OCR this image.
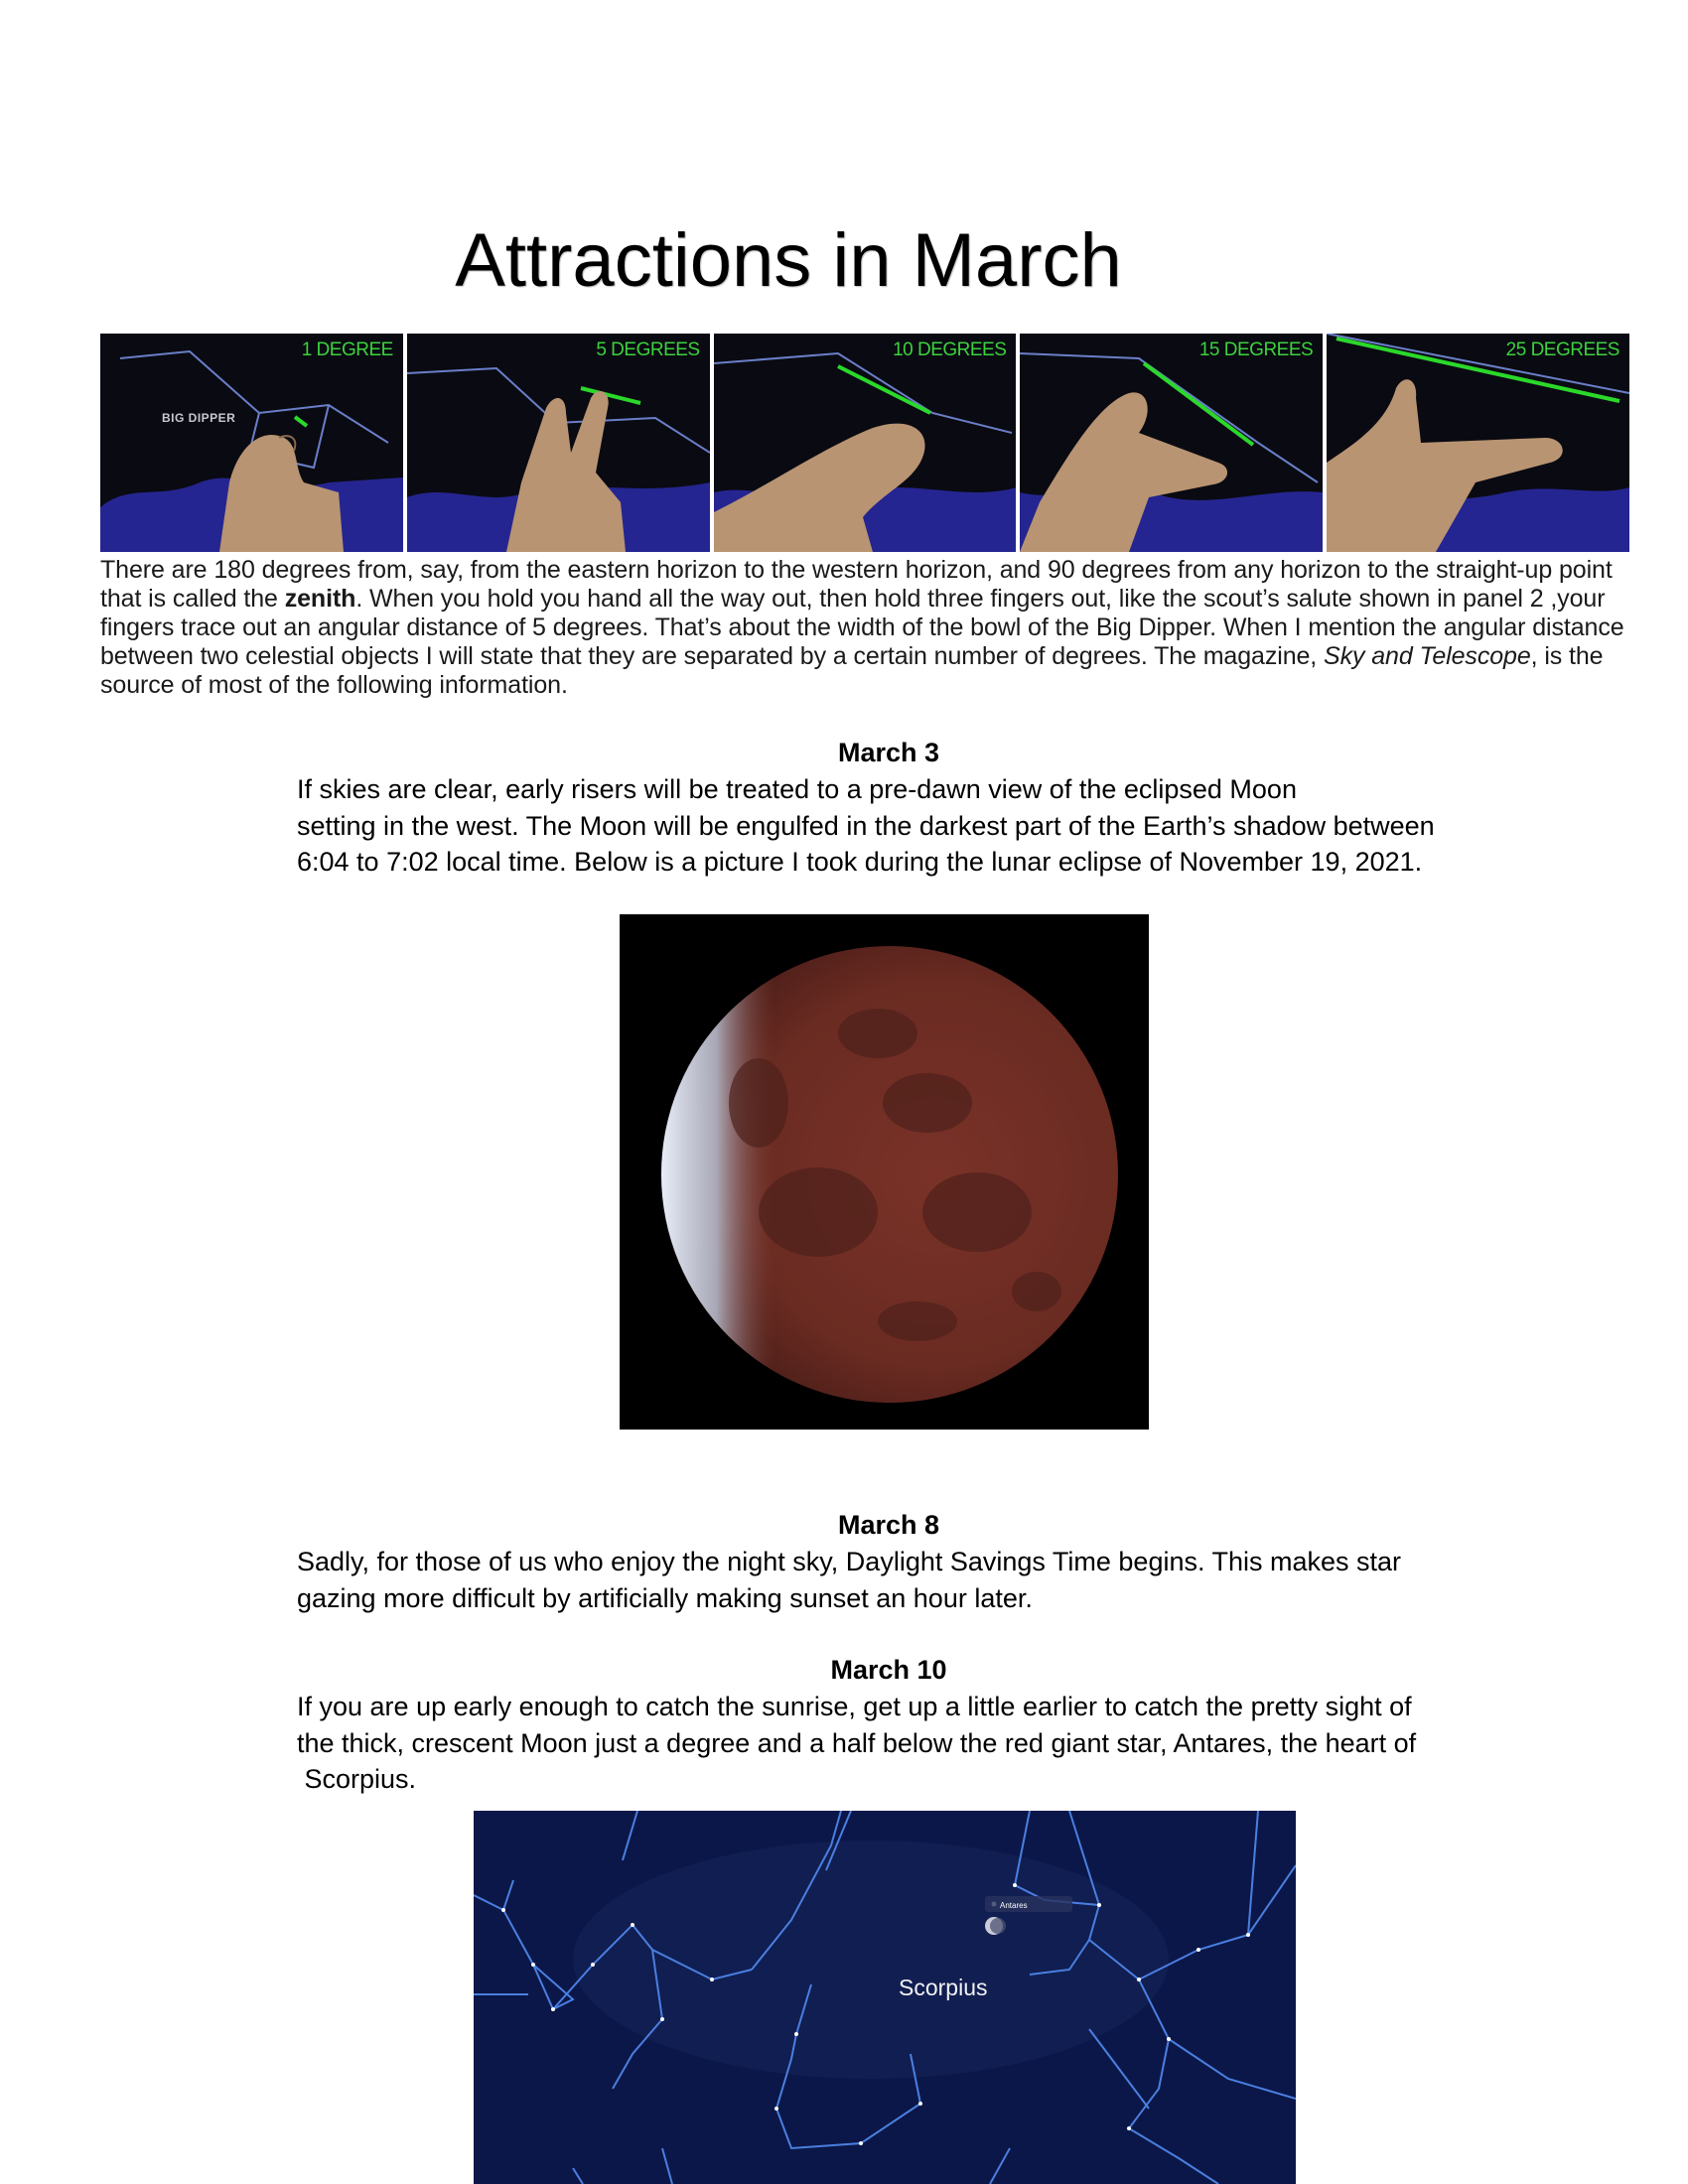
Attractions in March
BIG DIPPER
1 DEGREE	5 DEGREES	10 DEGREES	15 DEGREES	25 DEGREES
There are 180 degrees from, say, from the eastern horizon to the western horizon, and 90 degrees from any horizon to the straight-up point that is called the zenith. When you hold you hand all the way out, then hold three fingers out, like the scout’s salute shown in panel 2 ,your fingers trace out an angular distance of 5 degrees. That’s about the width of the bowl of the Big Dipper. When I mention the angular distance between two celestial objects I will state that they are separated by a certain number of degrees. The magazine, Sky and Telescope, is the source of most of the following information.
March 3
If skies are clear, early risers will be treated to a pre-dawn view of the eclipsed Moon
setting in the west. The Moon will be engulfed in the darkest part of the Earth’s shadow between
6:04 to 7:02 local time. Below is a picture I took during the lunar eclipse of November 19, 2021.
March 8
Sadly, for those of us who enjoy the night sky, Daylight Savings Time begins. This makes star
gazing more difficult by artificially making sunset an hour later.
March 10
If you are up early enough to catch the sunrise, get up a little earlier to catch the pretty sight of
the thick, crescent Moon just a degree and a half below the red giant star, Antares, the heart of
Scorpius.
Antares
Scorpius
